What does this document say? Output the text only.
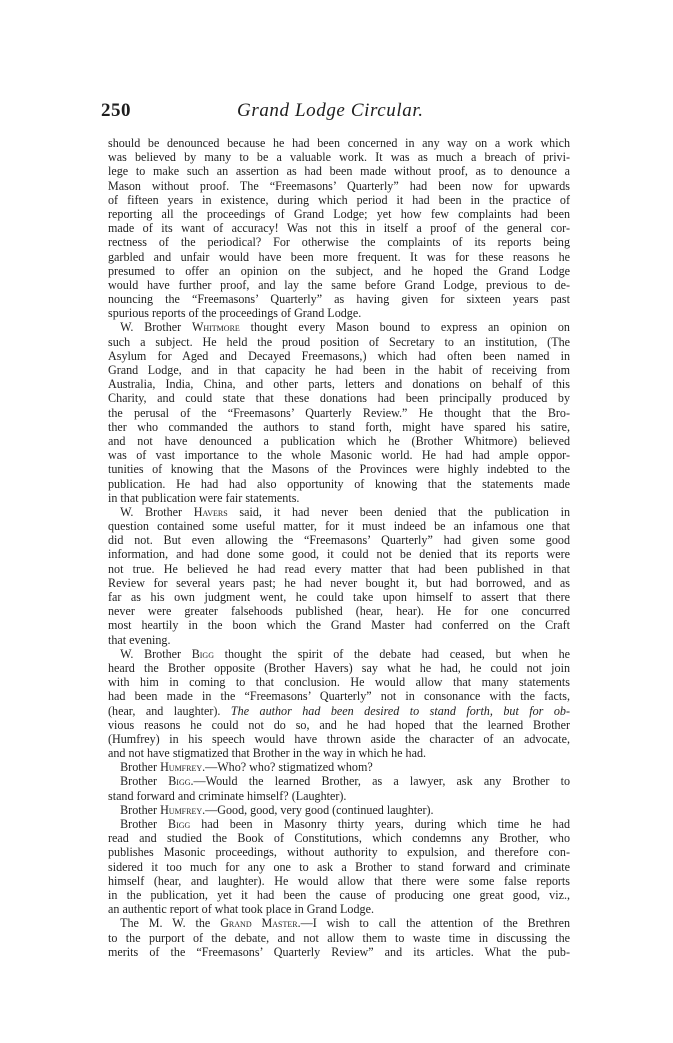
250	Grand Lodge Circular.
should be denounced because he had been concerned in any way on a work which
was believed by many to be a valuable work. It was as much a breach of privi-
lege to make such an assertion as had been made without proof, as to denounce a
Mason without proof. The “Freemasons’ Quarterly” had been now for upwards
of fifteen years in existence, during which period it had been in the practice of
reporting all the proceedings of Grand Lodge; yet how few complaints had been
made of its want of accuracy! Was not this in itself a proof of the general cor-
rectness of the periodical? For otherwise the complaints of its reports being
garbled and unfair would have been more frequent. It was for these reasons he
presumed to offer an opinion on the subject, and he hoped the Grand Lodge
would have further proof, and lay the same before Grand Lodge, previous to de-
nouncing the “Freemasons’ Quarterly” as having given for sixteen years past
spurious reports of the proceedings of Grand Lodge.
 W. Brother Whitmore thought every Mason bound to express an opinion on
such a subject. He held the proud position of Secretary to an institution, (The
Asylum for Aged and Decayed Freemasons,) which had often been named in
Grand Lodge, and in that capacity he had been in the habit of receiving from
Australia, India, China, and other parts, letters and donations on behalf of this
Charity, and could state that these donations had been principally produced by
the perusal of the “Freemasons’ Quarterly Review.” He thought that the Bro-
ther who commanded the authors to stand forth, might have spared his satire,
and not have denounced a publication which he (Brother Whitmore) believed
was of vast importance to the whole Masonic world. He had had ample oppor-
tunities of knowing that the Masons of the Provinces were highly indebted to the
publication. He had had also opportunity of knowing that the statements made
in that publication were fair statements.
 W. Brother Havers said, it had never been denied that the publication in
question contained some useful matter, for it must indeed be an infamous one that
did not. But even allowing the “Freemasons’ Quarterly” had given some good
information, and had done some good, it could not be denied that its reports were
not true. He believed he had read every matter that had been published in that
Review for several years past; he had never bought it, but had borrowed, and as
far as his own judgment went, he could take upon himself to assert that there
never were greater falsehoods published (hear, hear). He for one concurred
most heartily in the boon which the Grand Master had conferred on the Craft
that evening.
 W. Brother Bigg thought the spirit of the debate had ceased, but when he
heard the Brother opposite (Brother Havers) say what he had, he could not join
with him in coming to that conclusion. He would allow that many statements
had been made in the “Freemasons’ Quarterly” not in consonance with the facts,
(hear, and laughter). The author had been desired to stand forth, but for ob-
vious reasons he could not do so, and he had hoped that the learned Brother
(Humfrey) in his speech would have thrown aside the character of an advocate,
and not have stigmatized that Brother in the way in which he had.
 Brother Humfrey.—Who? who? stigmatized whom?
 Brother Bigg.—Would the learned Brother, as a lawyer, ask any Brother to
stand forward and criminate himself? (Laughter).
 Brother Humfrey.—Good, good, very good (continued laughter).
 Brother Bigg had been in Masonry thirty years, during which time he had
read and studied the Book of Constitutions, which condemns any Brother, who
publishes Masonic proceedings, without authority to expulsion, and therefore con-
sidered it too much for any one to ask a Brother to stand forward and criminate
himself (hear, and laughter). He would allow that there were some false reports
in the publication, yet it had been the cause of producing one great good, viz.,
an authentic report of what took place in Grand Lodge.
 The M. W. the Grand Master.—I wish to call the attention of the Brethren
to the purport of the debate, and not allow them to waste time in discussing the
merits of the “Freemasons’ Quarterly Review” and its articles. What the pub-
